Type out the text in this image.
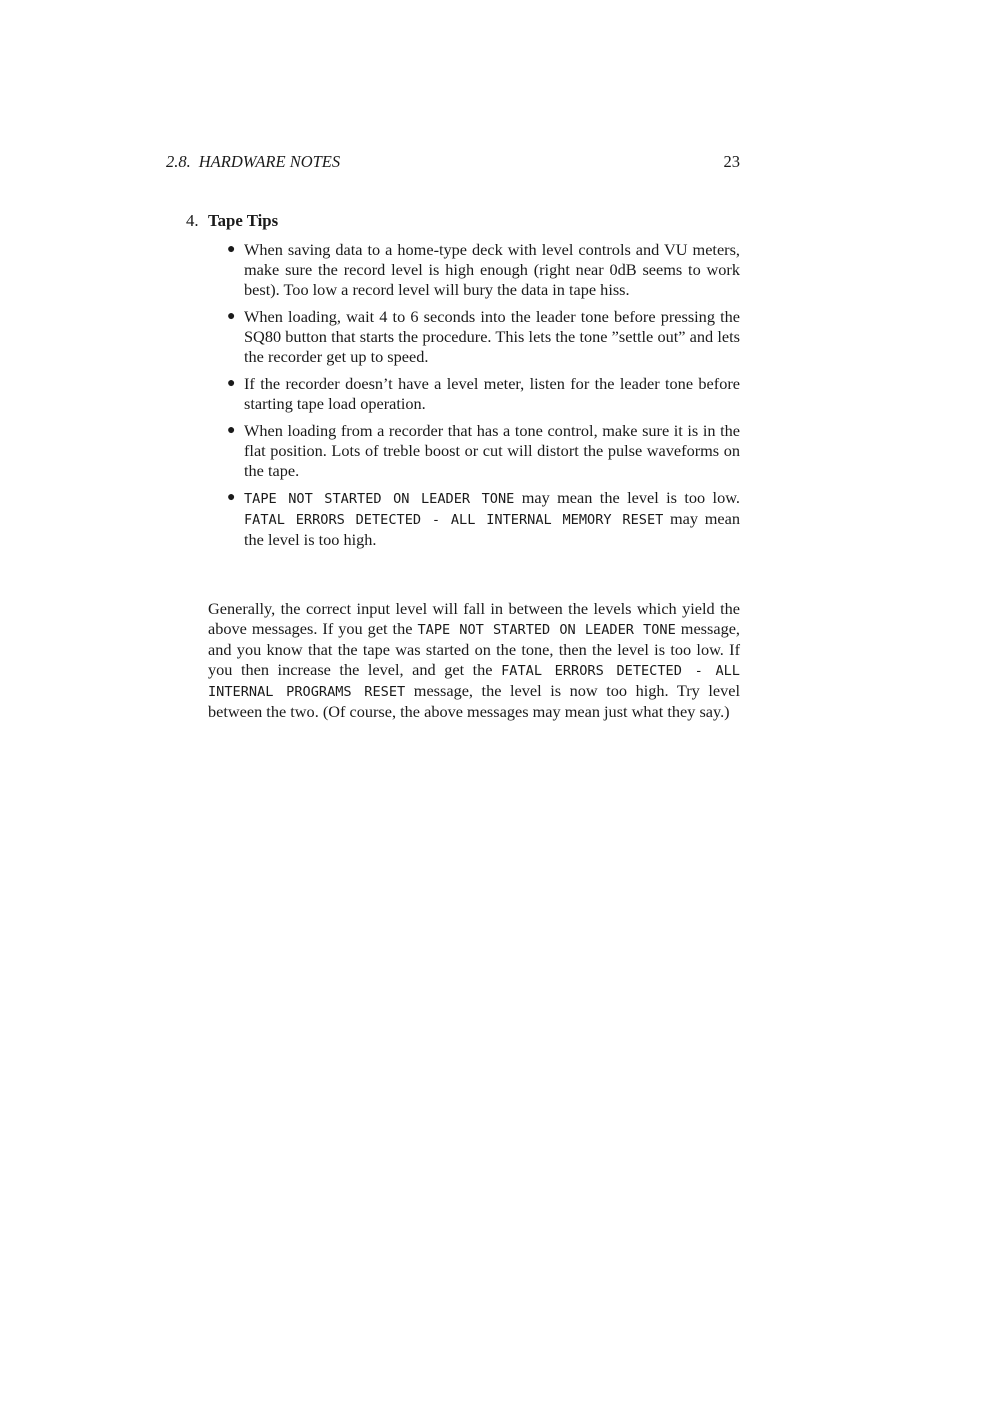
2.8. HARDWARE NOTES	23
4. Tape Tips
● When saving data to a home-type deck with level controls and VU meters, make sure the record level is high enough (right near 0dB seems to work best). Too low a record level will bury the data in tape hiss.
● When loading, wait 4 to 6 seconds into the leader tone before pressing the SQ80 button that starts the procedure. This lets the tone ”settle out” and lets the recorder get up to speed.
● If the recorder doesn’t have a level meter, listen for the leader tone before starting tape load operation.
● When loading from a recorder that has a tone control, make sure it is in the flat position. Lots of treble boost or cut will distort the pulse waveforms on the tape.
● TAPE NOT STARTED ON LEADER TONE may mean the level is too low. FATAL ERRORS DETECTED - ALL INTERNAL MEMORY RESET may mean the level is too high.

Generally, the correct input level will fall in between the levels which yield the above messages. If you get the TAPE NOT STARTED ON LEADER TONE message, and you know that the tape was started on the tone, then the level is too low. If you then increase the level, and get the FATAL ERRORS DETECTED - ALL INTERNAL PROGRAMS RESET message, the level is now too high. Try level between the two. (Of course, the above messages may mean just what they say.)
